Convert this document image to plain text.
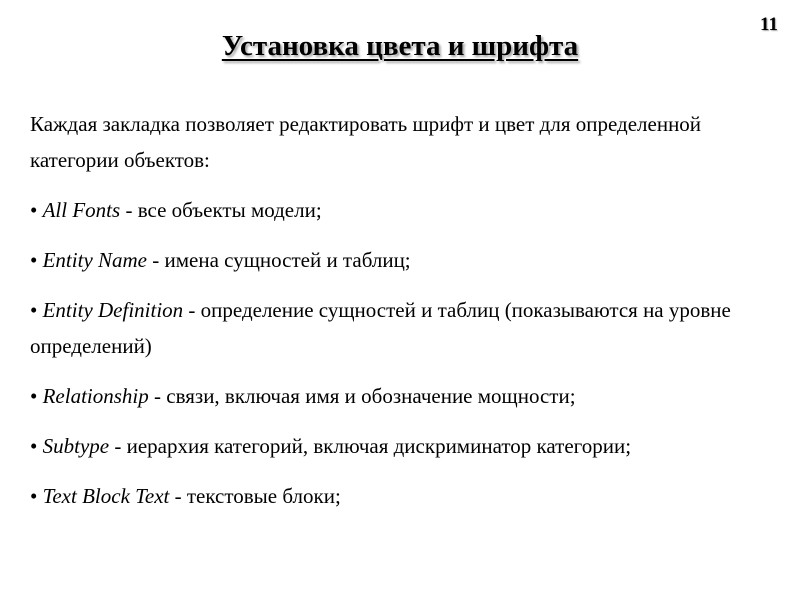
11
Установка цвета и шрифта

Каждая закладка позволяет редактировать шрифт и цвет для определенной категории объектов:

• All Fonts - все объекты модели;
• Entity Name - имена сущностей и таблиц;
• Entity Definition - определение сущностей и таблиц (показываются на уровне определений)
• Relationship - связи, включая имя и обозначение мощности;
• Subtype - иерархия категорий, включая дискриминатор категории;
• Text Block Text - текстовые блоки;
